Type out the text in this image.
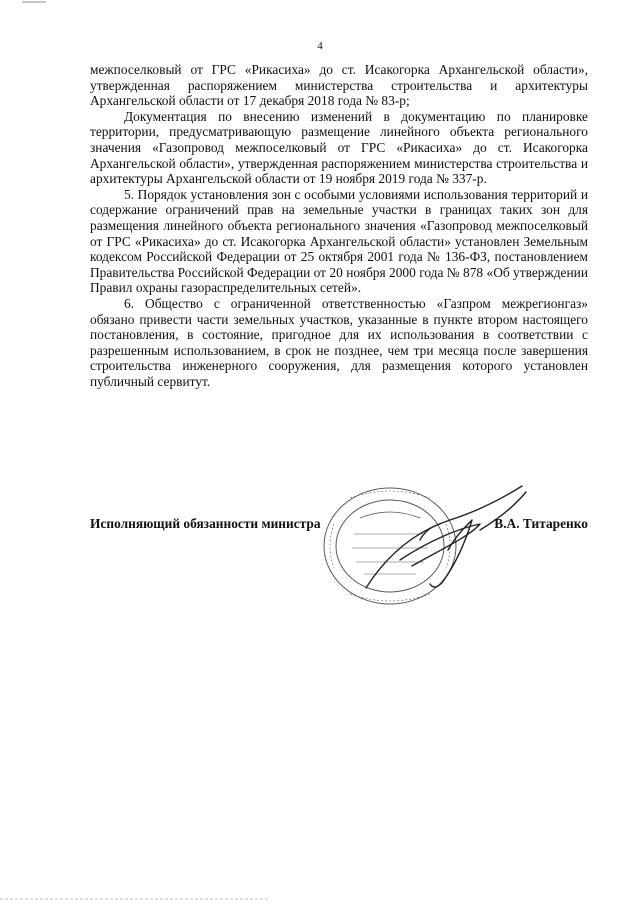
4

межпоселковый от ГРС «Рикасиха» до ст. Исакогорка Архангельской области», утвержденная распоряжением министерства строительства и архитектуры Архангельской области от 17 декабря 2018 года № 83-р;

Документация по внесению изменений в документацию по планировке территории, предусматривающую размещение линейного объекта регионального значения «Газопровод межпоселковый от ГРС «Рикасиха» до ст. Исакогорка Архангельской области», утвержденная распоряжением министерства строительства и архитектуры Архангельской области от 19 ноября 2019 года № 337-р.

5. Порядок установления зон с особыми условиями использования территорий и содержание ограничений прав на земельные участки в границах таких зон для размещения линейного объекта регионального значения «Газопровод межпоселковый от ГРС «Рикасиха» до ст. Исакогорка Архангельской области» установлен Земельным кодексом Российской Федерации от 25 октября 2001 года № 136-ФЗ, постановлением Правительства Российской Федерации от 20 ноября 2000 года № 878 «Об утверждении Правил охраны газораспределительных сетей».

6. Общество с ограниченной ответственностью «Газпром межрегионгаз» обязано привести части земельных участков, указанные в пункте втором настоящего постановления, в состояние, пригодное для их использования в соответствии с разрешенным использованием, в срок не позднее, чем три месяца после завершения строительства инженерного сооружения, для размещения которого установлен публичный сервитут.

Исполняющий обязанности министра	В.А. Титаренко
